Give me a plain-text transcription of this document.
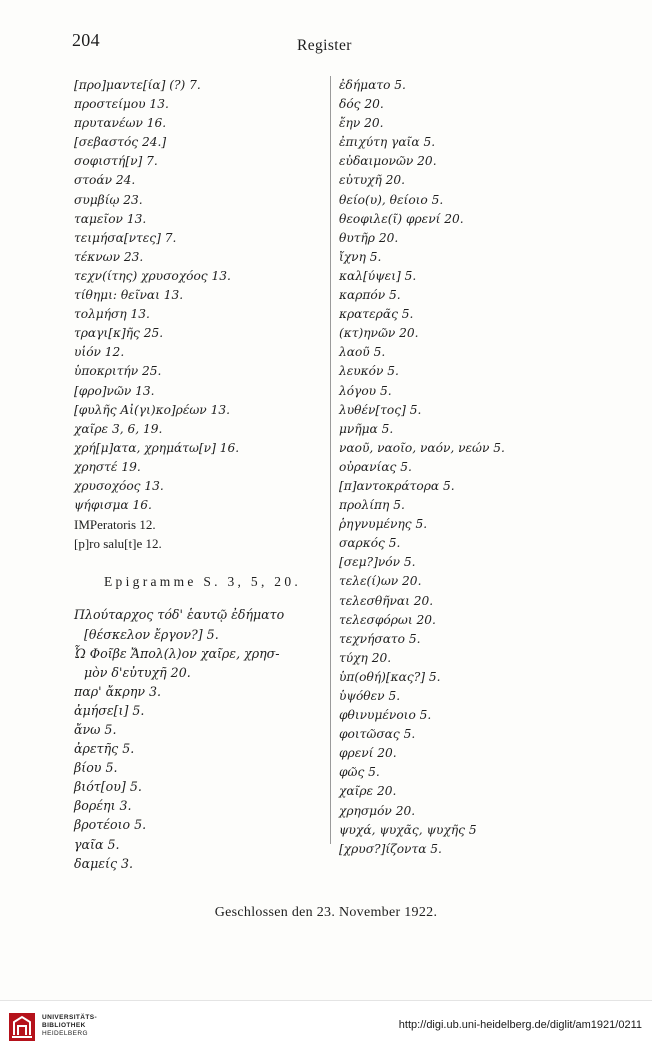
204	Register
[προ]μαντε[ία] (?) 7.
προστείμου 13.
πρυτανέων 16.
[σεβαστός 24.]
σοφιστή[ν] 7.
στοάν 24.
συμβίῳ 23.
ταμεῖον 13.
τειμήσα[ντες] 7.
τέκνων 23.
τεχν(ίτης) χρυσοχόος 13.
τίθημι: θεῖναι 13.
τολμήση 13.
τραγι[κ]ῆς 25.
υἱόν 12.
ὑποκριτήν 25.
[φρο]νῶν 13.
[φυλῆς Αἰ(γι)κο]ρέων 13.
χαῖρε 3, 6, 19.
χρή[μ]ατα, χρημάτω[ν] 16.
χρηστέ 19.
χρυσοχόος 13.
ψήφισμα 16.
IMPeratoris 12.
[p]ro salu[t]e 12.
Epigramme S. 3, 5, 20.
Πλούταρχος τόδ' ἑαυτῷ ἐδήματο
[θέσκελον ἔργον?] 5.
Ὦ Φοῖβε Ἄπολ(λ)ον χαῖρε, χρησ-
μὸν δ'εὐτυχῆ 20.
παρ' ἄκρην 3.
ἀμήσε[ι] 5.
ἄνω 5.
ἀρετῆς 5.
βίου 5.
βιότ[ου] 5.
βορέηι 3.
βροτέοιο 5.
γαῖα 5.
δαμείς 3.
ἐδήματο 5.
δός 20.
ἔην 20.
ἐπιχύτη γαῖα 5.
εὐδαιμονῶν 20.
εὐτυχῆ 20.
θείο(υ), θείοιο 5.
θεοφιλε(ῖ) φρενί 20.
θυτῆρ 20.
ἴχνη 5.
καλ[ύψει] 5.
καρπόν 5.
κρατερᾶς 5.
(κτ)ηνῶν 20.
λαοῦ 5.
λευκόν 5.
λόγου 5.
λυθέν[τος] 5.
μνῆμα 5.
ναοῦ, ναοῖο, ναόν, νεών 5.
οὐρανίας 5.
[π]αντοκράτορα 5.
προλίπη 5.
ῥηγνυμένης 5.
σαρκός 5.
[σεμ?]νόν 5.
τελε(ί)ων 20.
τελεσθῆναι 20.
τελεσφόρωι 20.
τεχνήσατο 5.
τύχη 20.
ὑπ(οθή)[κας?] 5.
ὑψόθεν 5.
φθινυμένοιο 5.
φοιτῶσας 5.
φρενί 20.
φῶς 5.
χαῖρε 20.
χρησμόν 20.
ψυχά, ψυχᾶς, ψυχῆς 5
[χρυσ?]ίζοντα 5.
Geschlossen den 23. November 1922.
UNIVERSITÄTS-
BIBLIOTHEK
HEIDELBERG
http://digi.ub.uni-heidelberg.de/diglit/am1921/0211
